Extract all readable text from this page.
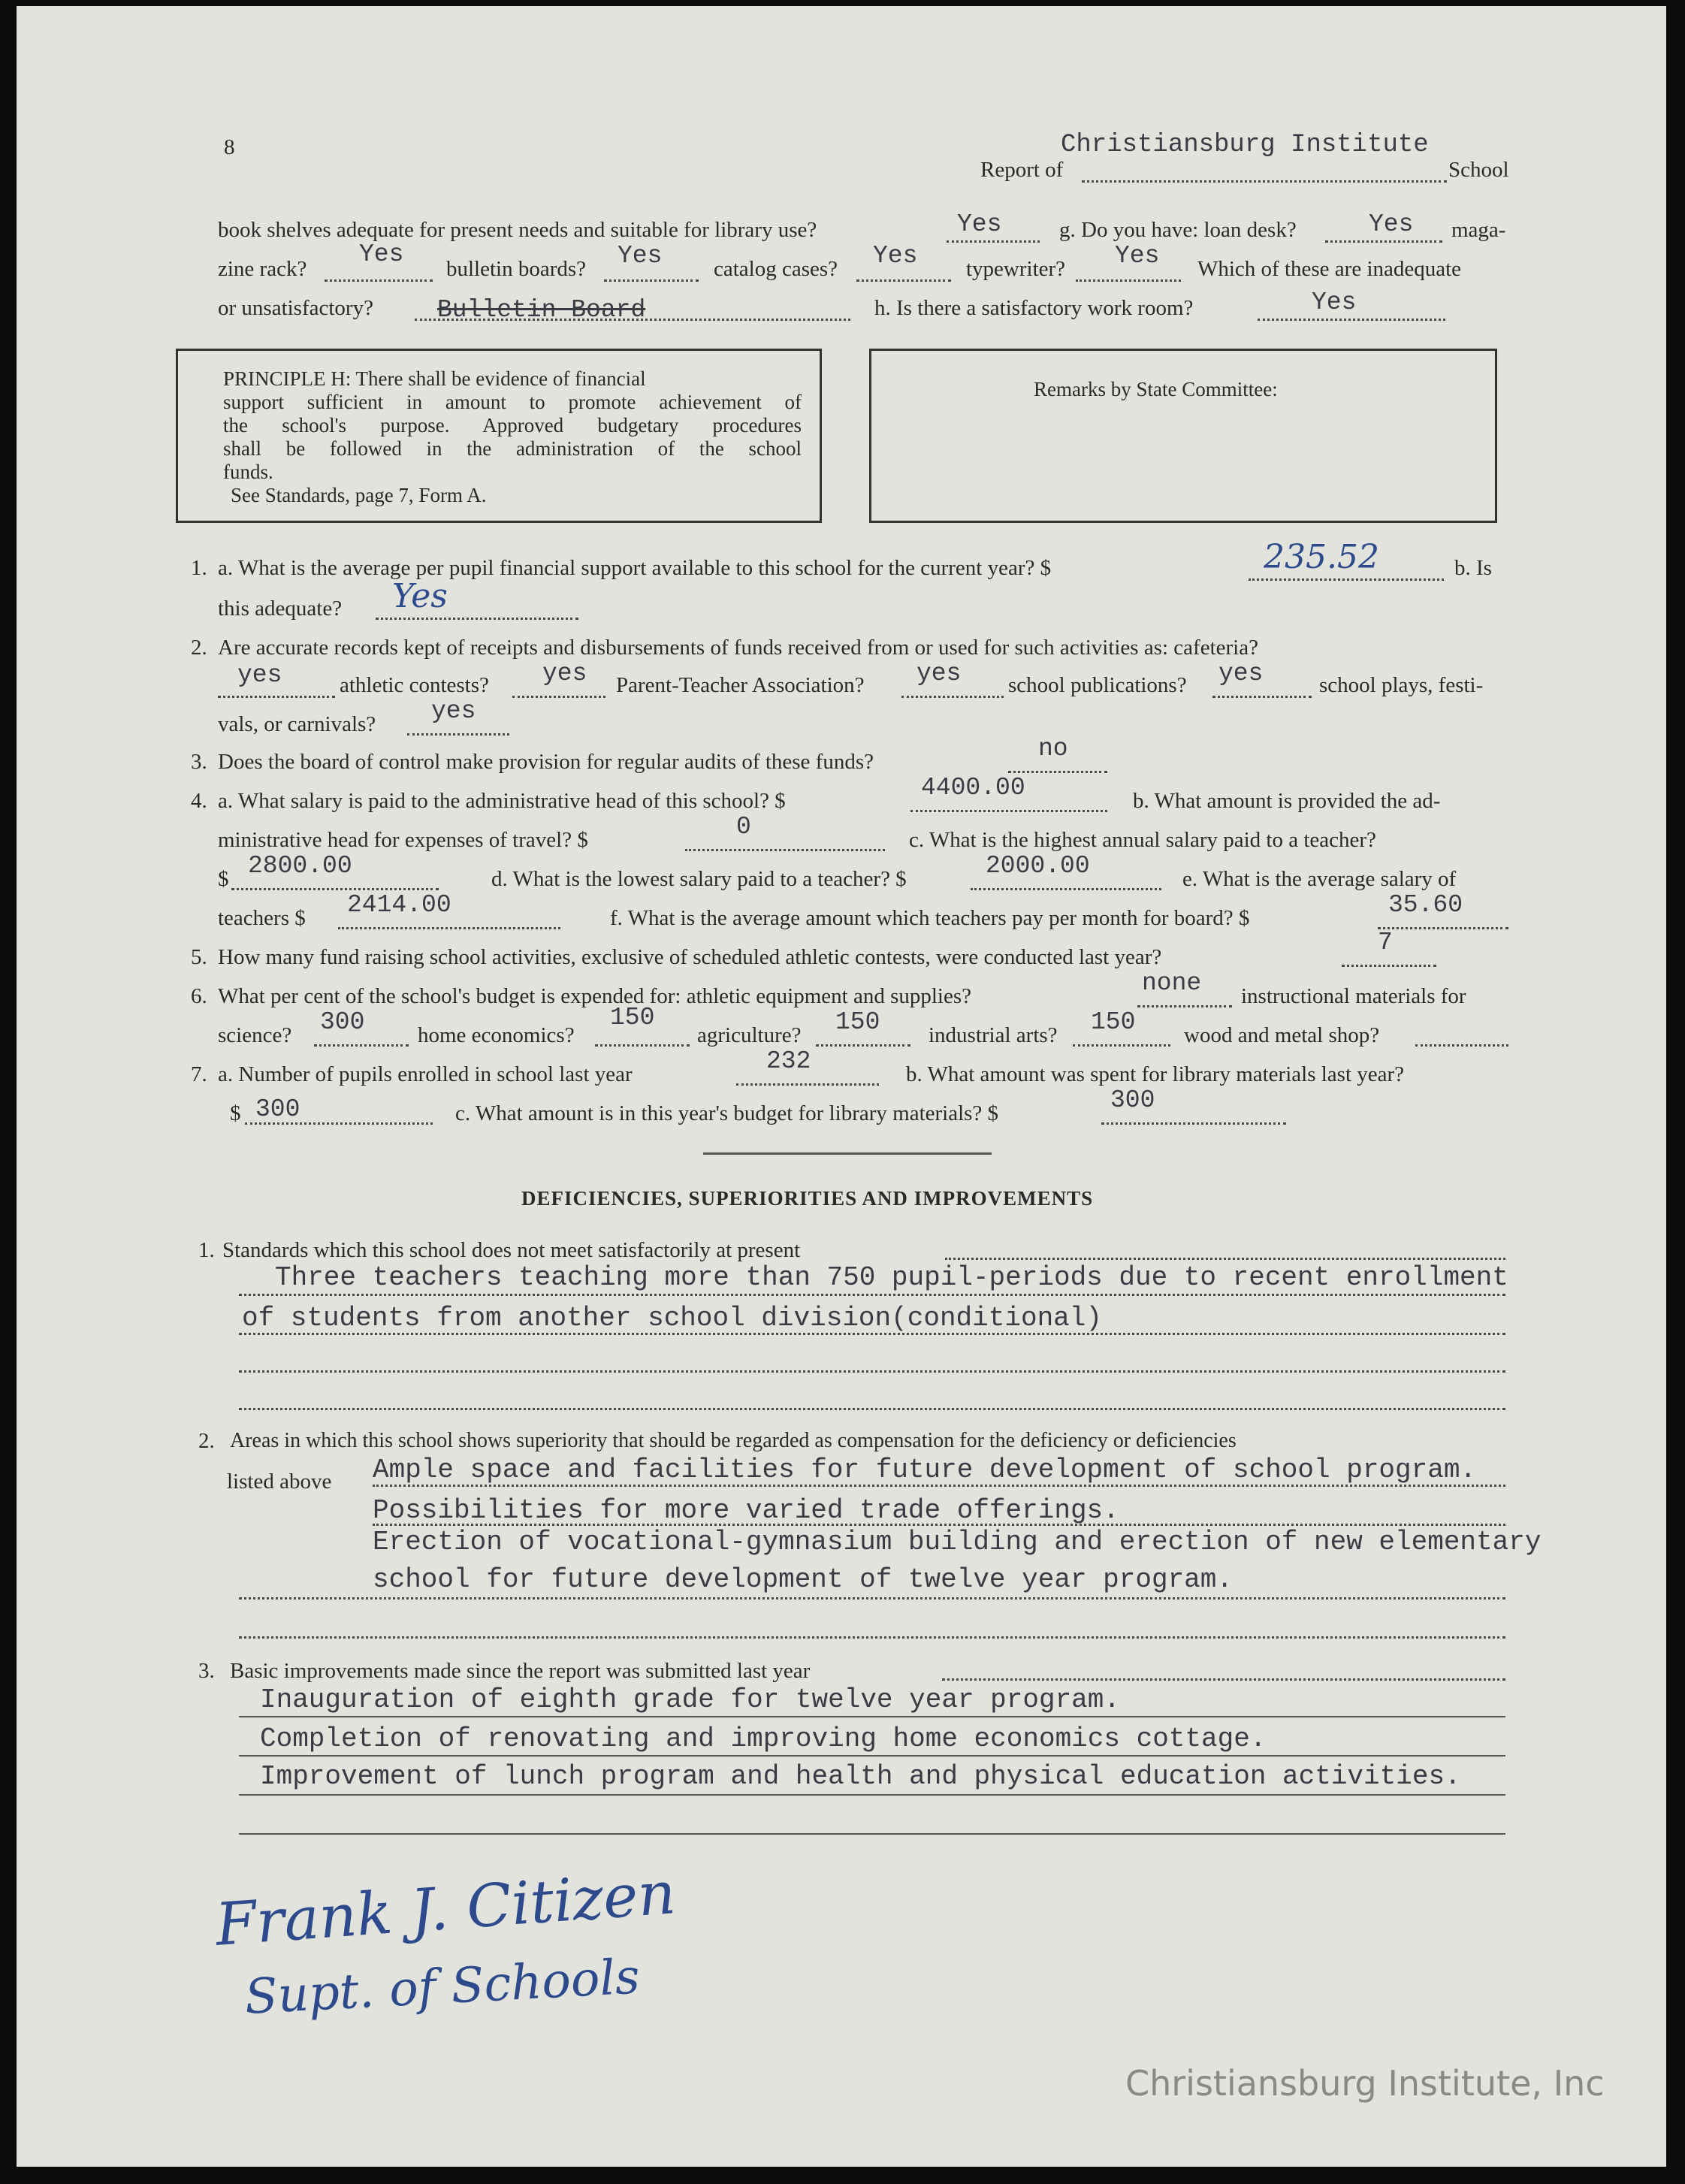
8	Christiansburg Institute
Report of	School
book shelves adequate for present needs and suitable for library use?	Yes	g. Do you have: loan desk?	Yes maga-
zine rack?
Yes
bulletin boards? Yes catalog cases? Yes typewriter? Yes Which of these are inadequate
or unsatisfactory?	Bulletin Board	h. Is there a satisfactory work room?	Yes
PRINCIPLE H: There shall be evidence of financial
support sufficient in amount to promote achievement of
the school's purpose. Approved budgetary procedures
shall be followed in the administration of the school
funds.
See Standards, page 7, Form A.
Remarks by State Committee:
1. a. What is the average per pupil financial support available to this school for the current year? $	235.52	b. Is
this adequate? Yes
2. Are accurate records kept of receipts and disbursements of funds received from or used for such activities as: cafeteria?
yes	athletic contests? yes Parent-Teacher Association? yes school publications? yes	school plays, festi-
vals, or carnivals? yes
3. Does the board of control make provision for regular audits of these funds?	no
4. a. What salary is paid to the administrative head of this school? $	4400.00	b. What amount is provided the ad-
ministrative head for expenses of travel? $	0	c. What is the highest annual salary paid to a teacher?
$ 2800.00	d. What is the lowest salary paid to a teacher? $	2000.00	e. What is the average salary of
teachers $ 2414.00	f. What is the average amount which teachers pay per month for board? $	35.60
5. How many fund raising school activities, exclusive of scheduled athletic contests, were conducted last year?
7
6. What per cent of the school's budget is expended for: athletic equipment and supplies?	none instructional materials for
science? 300 home economics?
150
agriculture? 150 industrial arts? 150 wood and metal shop?
7. a. Number of pupils enrolled in school last year	232	b. What amount was spent for library materials last year?
$ 300	c. What amount is in this year's budget for library materials? $	300
DEFICIENCIES, SUPERIORITIES AND IMPROVEMENTS
1. Standards which this school does not meet satisfactorily at present
Three teachers teaching more than 750 pupil-periods due to recent enrollment
of students from another school division(conditional)
2. Areas in which this school shows superiority that should be regarded as compensation for the deficiency or deficiencies
listed above Ample space and facilities for future development of school program.
Possibilities for more varied trade offerings.
Erection of vocational-gymnasium building and erection of new elementary
school for future development of twelve year program.
3. Basic improvements made since the report was submitted last year
Inauguration of eighth grade for twelve year program.
Completion of renovating and improving home economics cottage.
Improvement of lunch program and health and physical education activities.
Frank J. Citizen
Supt. of Schools
Christiansburg Institute, Inc
